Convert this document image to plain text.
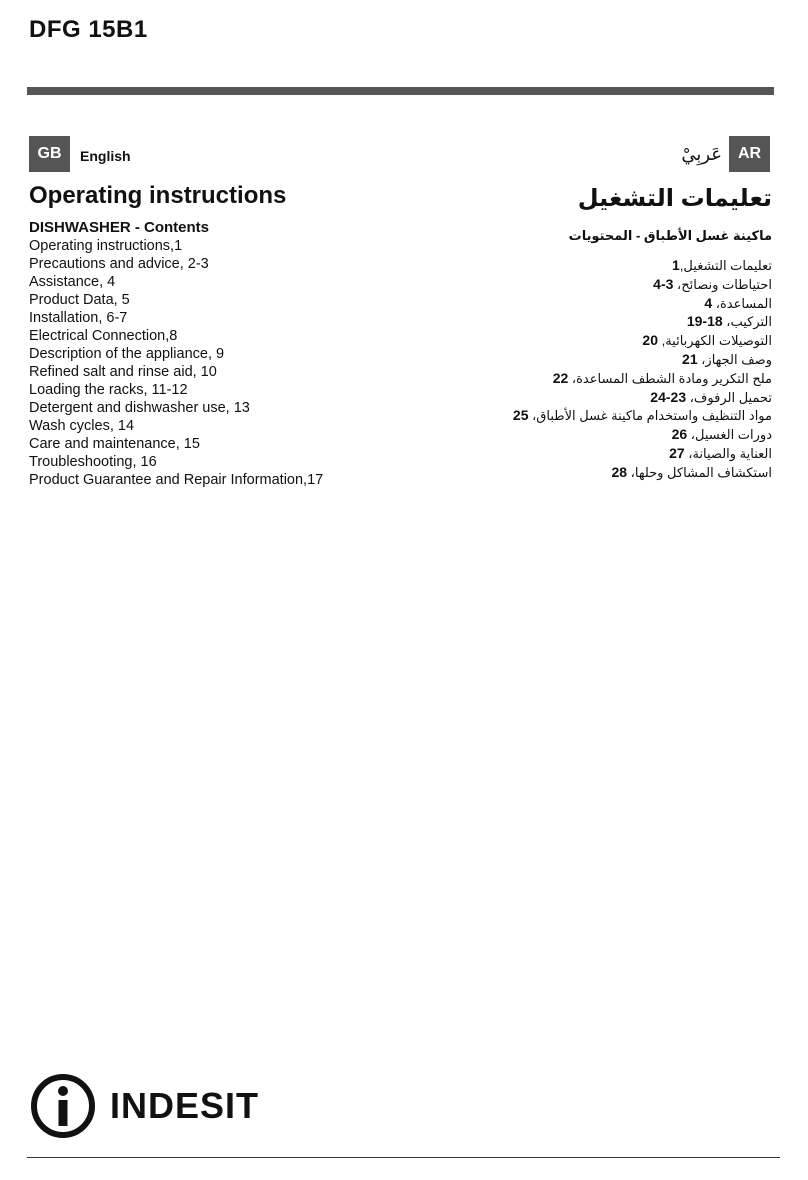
DFG 15B1
GB	English	AR
عَربِيْ
Operating instructions	تعليمات التشغيل
DISHWASHER - Contents	ماكينة غسل الأطباق - المحتويات
Operating instructions,1
Precautions and advice, 2-3
Assistance, 4
Product Data, 5
Installation, 6-7
Electrical Connection,8
Description of the appliance, 9
Refined salt and rinse aid, 10
Loading the racks, 11-12
Detergent and dishwasher use, 13
Wash cycles, 14
Care and maintenance, 15
Troubleshooting, 16
Product Guarantee and Repair Information,17
تعليمات التشغيل,1
احتياطات ونصائح، 3-4
المساعدة، 4
التركيب، 18-19
التوصيلات الكهربائية, 20
وصف الجهاز، 21
ملح التكرير ومادة الشطف المساعدة، 22
تحميل الرفوف، 23-24
مواد التنظيف واستخدام ماكينة غسل الأطباق، 25
دورات الغسيل، 26
العناية والصيانة، 27
استكشاف المشاكل وحلها، 28
INDESIT
